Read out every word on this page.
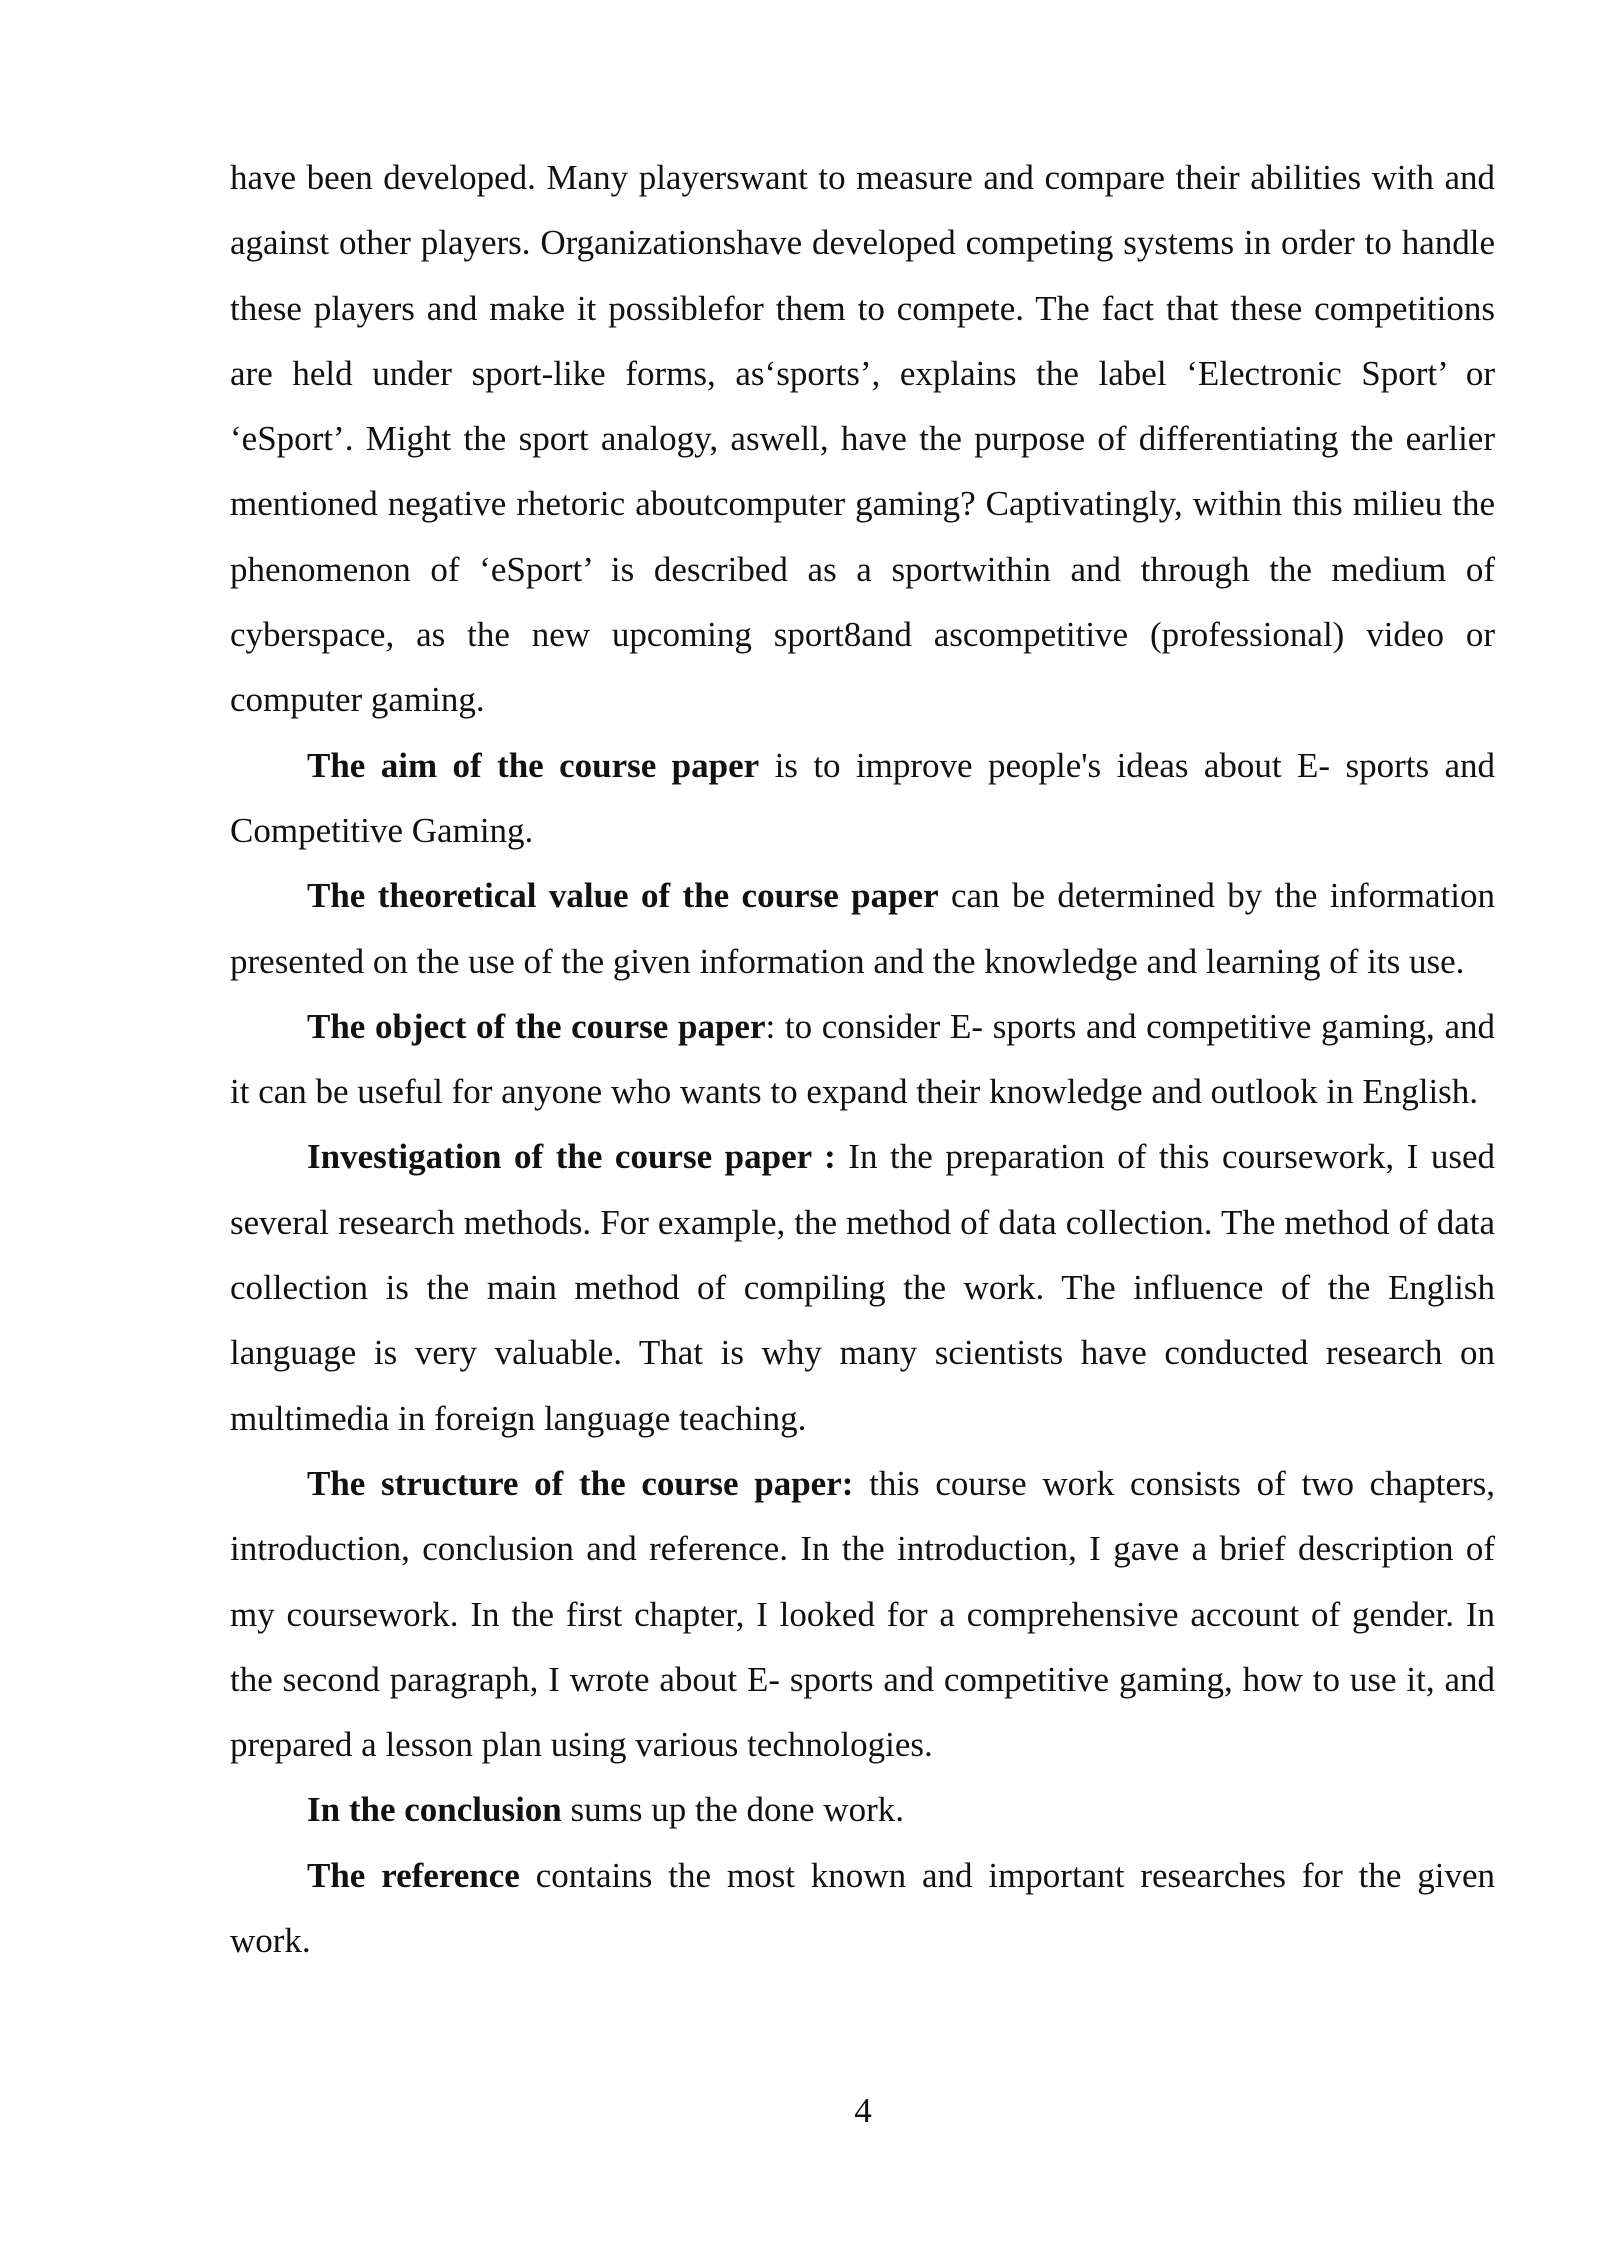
have been developed. Many playerswant to measure and compare their abilities with and against other players. Organizationshave developed competing systems in order to handle these players and make it possiblefor them to compete. The fact that these competitions are held under sport-like forms, as‘sports’, explains the label ‘Electronic Sport’ or ‘eSport’. Might the sport analogy, aswell, have the purpose of differentiating the earlier mentioned negative rhetoric aboutcomputer gaming? Captivatingly, within this milieu the phenomenon of ‘eSport’ is described as a sportwithin and through the medium of cyberspace, as the new upcoming sport8and ascompetitive (professional) video or computer gaming.

The aim of the course paper is to improve people's ideas about E- sports and Competitive Gaming.

The theoretical value of the course paper can be determined by the information presented on the use of the given information and the knowledge and learning of its use.

The object of the course paper: to consider E- sports and competitive gaming, and it can be useful for anyone who wants to expand their knowledge and outlook in English.

Investigation of the course paper : In the preparation of this coursework, I used several research methods. For example, the method of data collection. The method of data collection is the main method of compiling the work. The influence of the English language is very valuable. That is why many scientists have conducted research on multimedia in foreign language teaching.

The structure of the course paper: this course work consists of two chapters, introduction, conclusion and reference. In the introduction, I gave a brief description of my coursework. In the first chapter, I looked for a comprehensive account of gender. In the second paragraph, I wrote about E- sports and competitive gaming, how to use it, and prepared a lesson plan using various technologies.

In the conclusion sums up the done work.

The reference contains the most known and important researches for the given work.

4
